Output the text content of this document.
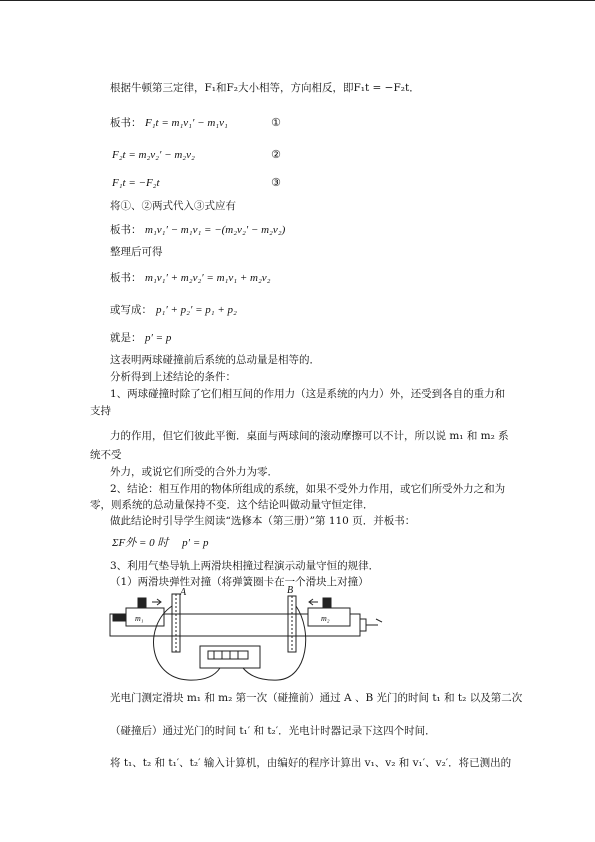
根据牛顿第三定律，F₁和F₂大小相等，方向相反，即F₁t = −F₂t．
板书： F₁t = m₁v₁′ − m₁v₁	①
F₂t = m₂v₂′ − m₂v₂	②
F₁t = −F₂t	③
将①、②两式代入③式应有
板书： m₁v₁′ − m₁v₁ = −(m₂v₂′ − m₂v₂)
整理后可得
板书： m₁v₁′ + m₂v₂′ = m₁v₁ + m₂v₂
或写成： p₁′ + p₂′ = p₁ + p₂
就是： p′ = p
这表明两球碰撞前后系统的总动量是相等的．
分析得到上述结论的条件：
1、两球碰撞时除了它们相互间的作用力（这是系统的内力）外，还受到各自的重力和
支持
力的作用，但它们彼此平衡．桌面与两球间的滚动摩擦可以不计，所以说 m₁ 和 m₂ 系
统不受
外力，或说它们所受的合外力为零．
2、结论：相互作用的物体所组成的系统，如果不受外力作用，或它们所受外力之和为
零，则系统的总动量保持不变．这个结论叫做动量守恒定律．
做此结论时引导学生阅读“选修本（第三册）”第 110 页．并板书：
ΣF外 = 0 时　 p′ = p
3、利用气垫导轨上两滑块相撞过程演示动量守恒的规律．
（1）两滑块弹性对撞（将弹簧圈卡在一个滑块上对撞）
A	B
m₁	m₂
光电门测定滑块 m₁ 和 m₂ 第一次（碰撞前）通过 A 、B 光门的时间 t₁ 和 t₂ 以及第二次
（碰撞后）通过光门的时间 t₁′ 和 t₂′．光电计时器记录下这四个时间．
将 t₁、t₂ 和 t₁′、t₂′ 输入计算机，由编好的程序计算出 v₁、v₂ 和 v₁′、v₂′．将已测出的
